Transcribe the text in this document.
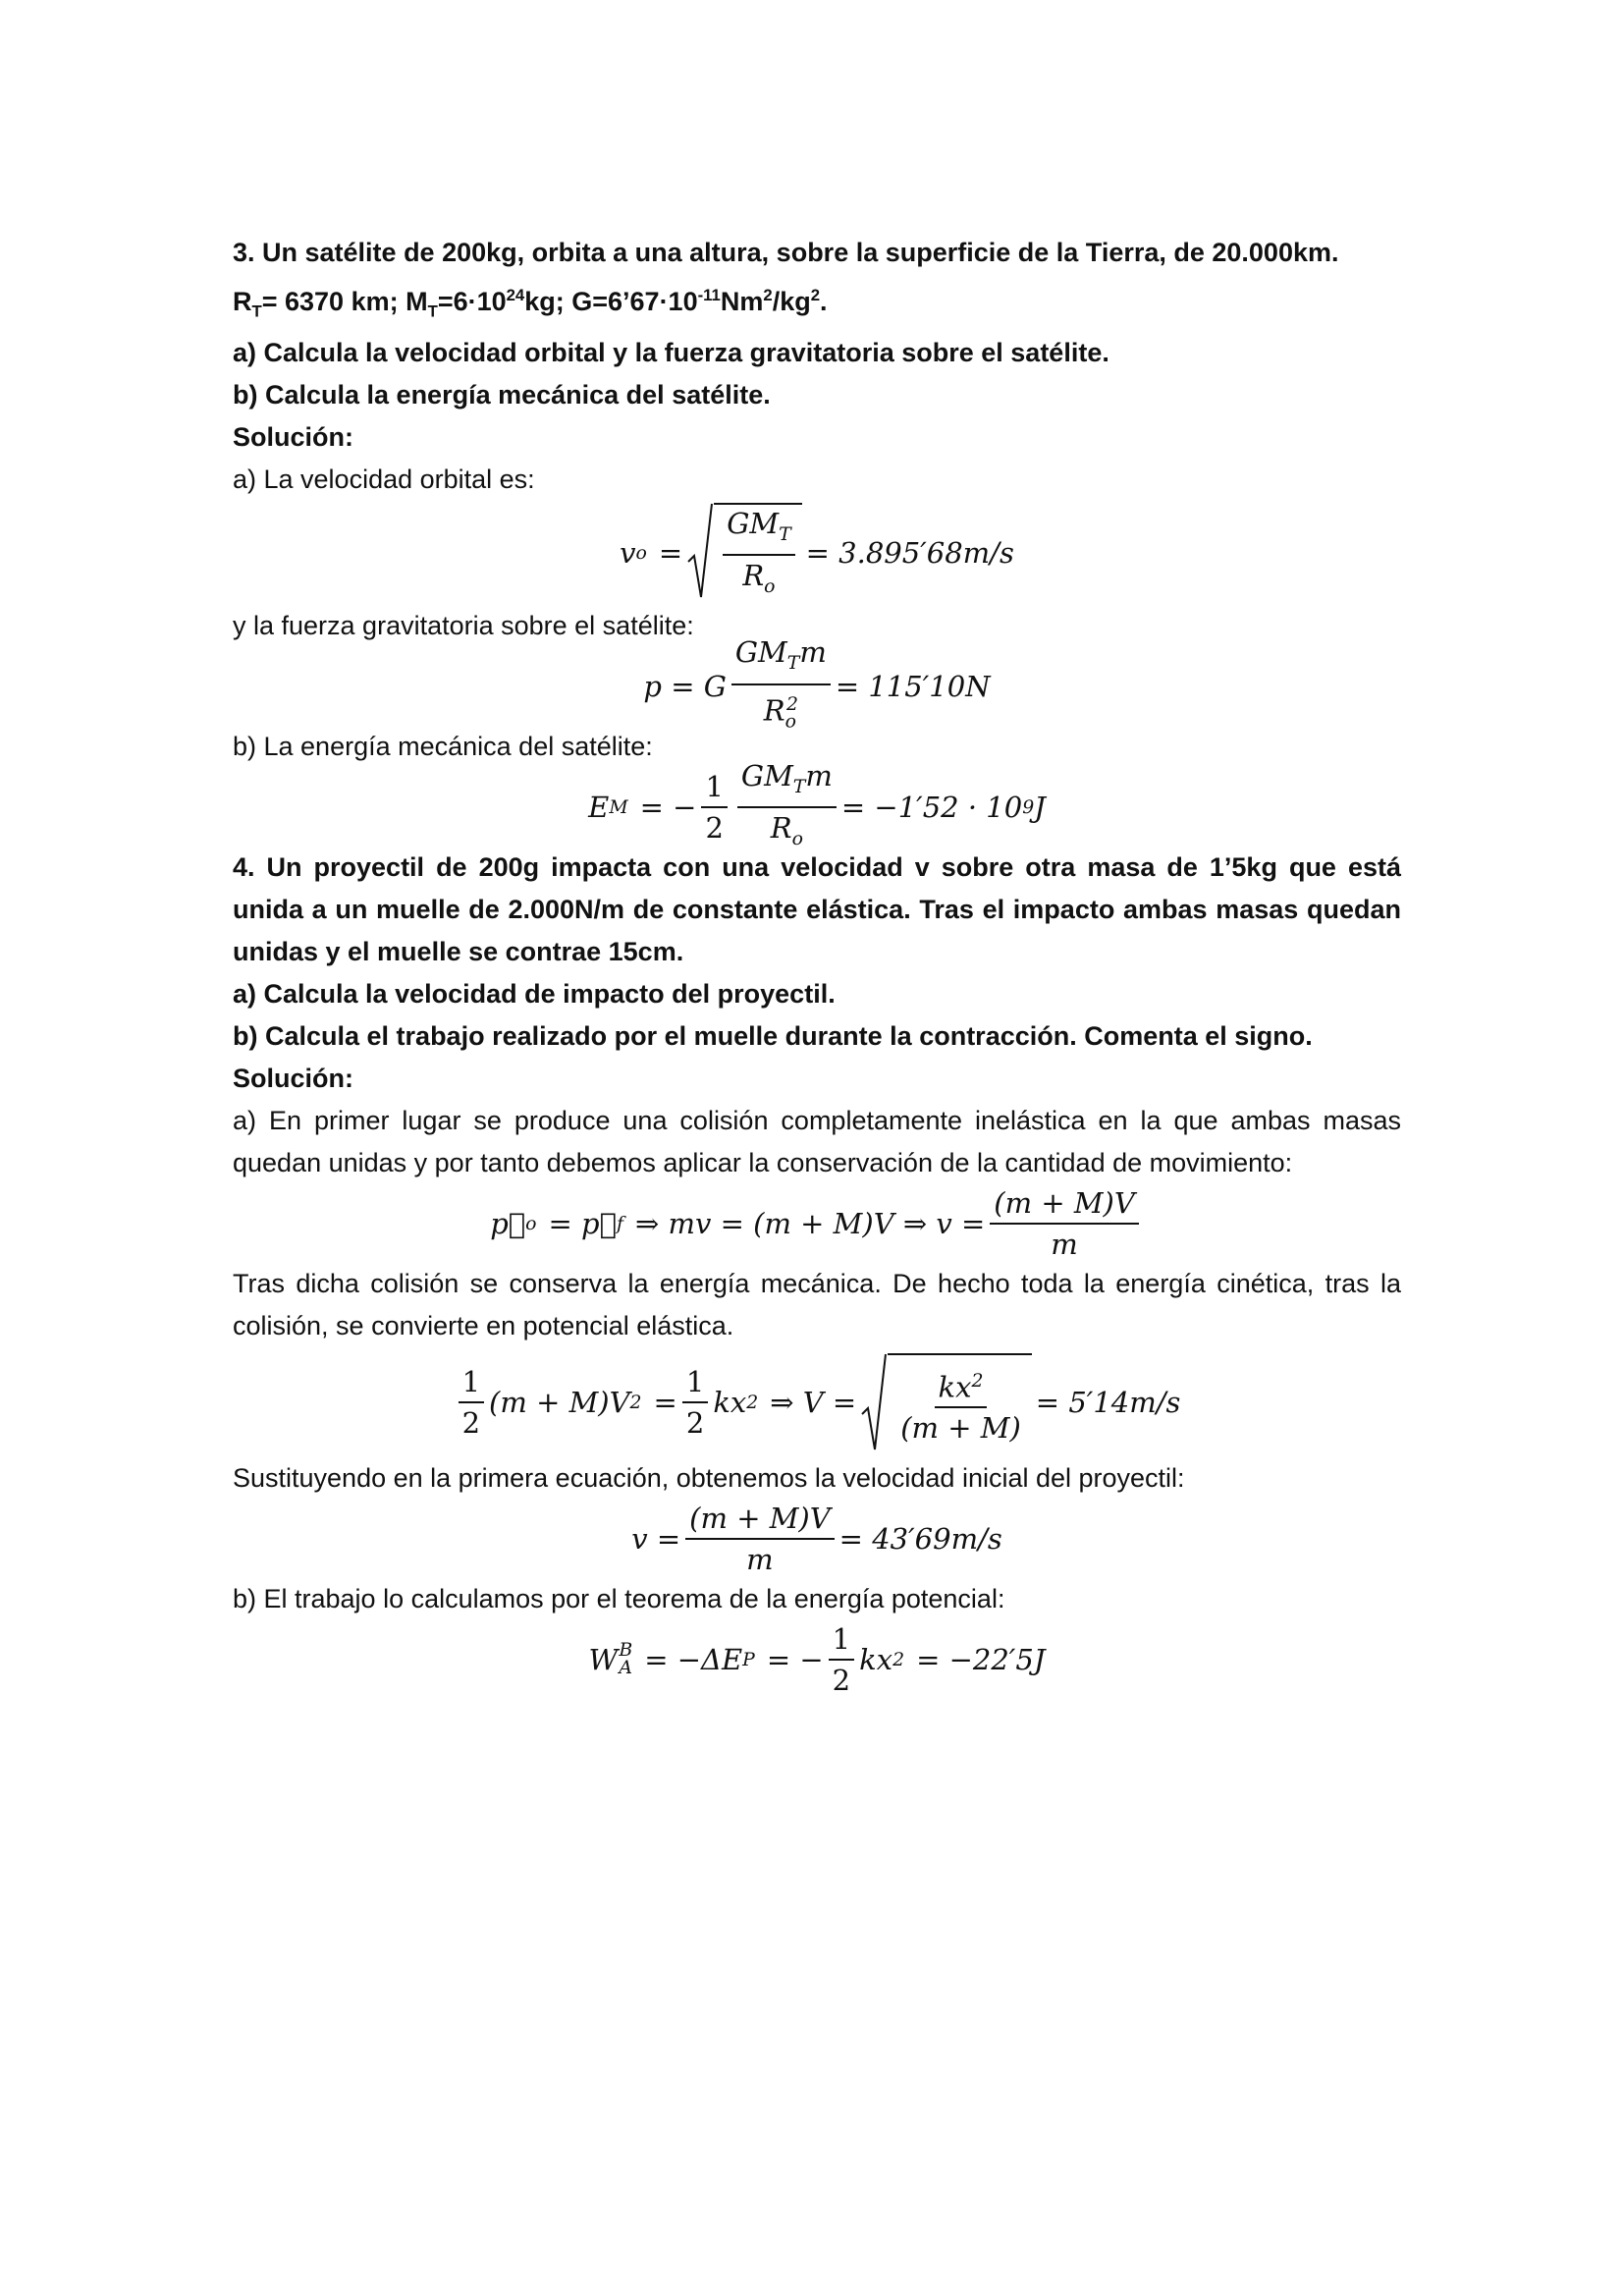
3. Un satélite de 200kg, orbita a una altura, sobre la superficie de la Tierra, de 20.000km.
$R_T= 6370$ km; $M_T=6\cdot 10^{24}kg$; $G=6’67\cdot 10^{-11}Nm^2/kg^2$.
a) Calcula la velocidad orbital y la fuerza gravitatoria sobre el satélite.
b) Calcula la energía mecánica del satélite.
Solución:
a) La velocidad orbital es:
v $o = \frac{GM_T}{R_o} = 3.895'68m/s$
y la fuerza gravitatoria sobre el satélite:
p = G $\frac{GM_Tm}{R_o^2} = 115'10N$
b) La energía mecánica del satélite:
E M = − $\frac{1}{2} \frac{GM_Tm}{R_o} = -1'52 \cdot 10$ 9 J
4. Un proyectil de 200g impacta con una velocidad v sobre otra masa de 1’5kg que está unida a un muelle de 2.000N/m de constante elástica. Tras el impacto ambas masas quedan unidas y el muelle se contrae 15cm.
a) Calcula la velocidad de impacto del proyectil.
b) Calcula el trabajo realizado por el muelle durante la contracción. Comenta el signo.
Solución:
a) En primer lugar se produce una colisión completamente inelástica en la que ambas masas quedan unidas y por tanto debemos aplicar la conservación de la cantidad de movimiento:
p⃗ o = p⃗ f ⇒ mv = (m + M)V ⇒ $v = \frac{(m + M)V}{m}$
Tras dicha colisión se conserva la energía mecánica. De hecho toda la energía cinética, tras la colisión, se convierte en potencial elástica.
$\frac{1}{2} (m + M)V$ $2 = \frac{1}{2}$ kx 2 ⇒ $V = \frac{kx^2}{(m + M)} = 5'14m/s$
Sustituyendo en la primera ecuación, obtenemos la velocidad inicial del proyectil:
$v = \frac{(m + M)V}{m} = 43'69m/s$
b) El trabajo lo calculamos por el teorema de la energía potencial:
W B
A = −ΔE P = − $\frac{1}{2}$ kx 2 = −22′5J
